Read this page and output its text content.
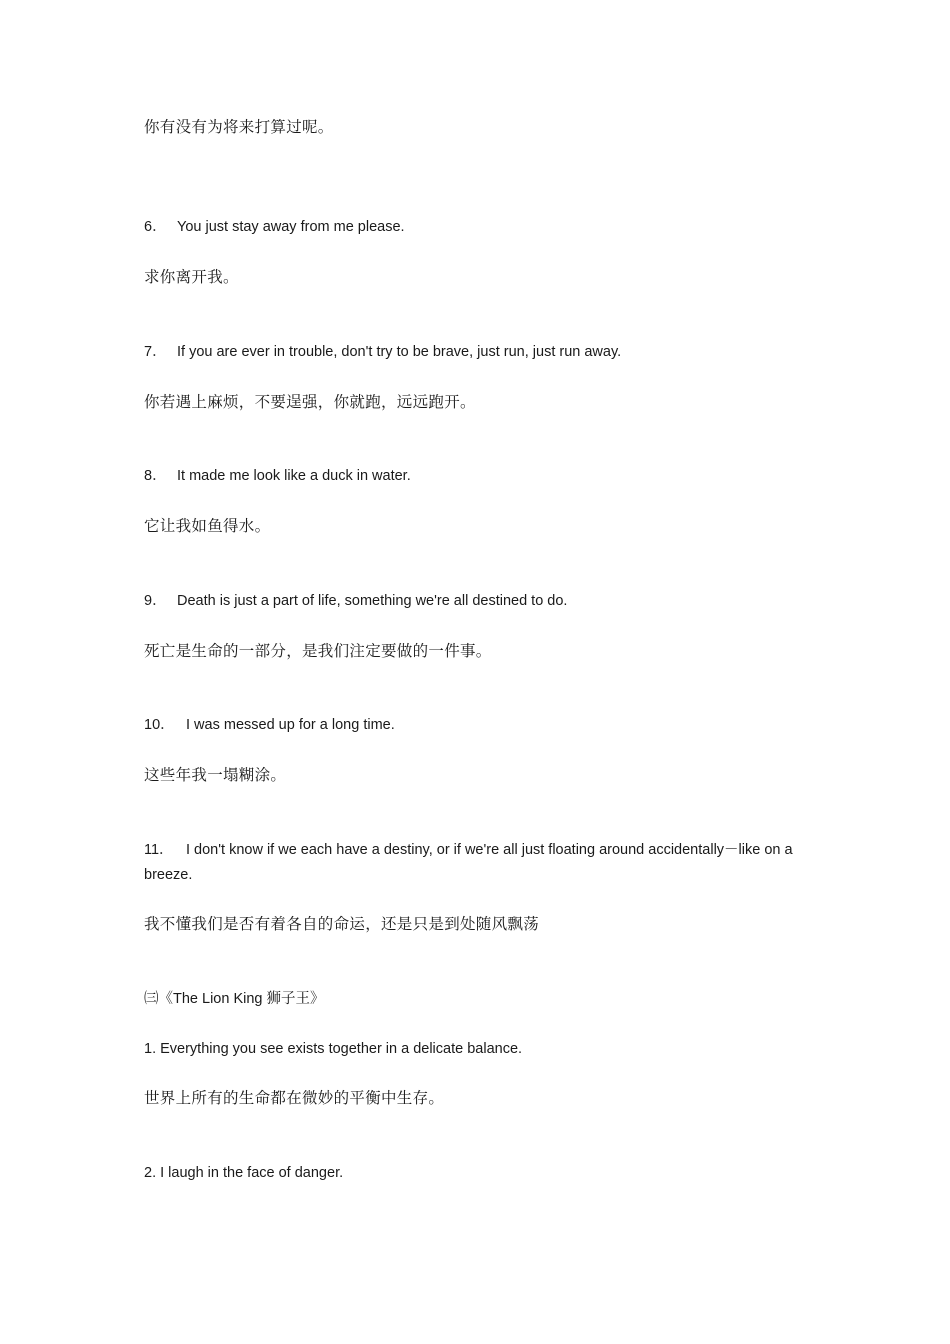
你有没有为将来打算过呢。
6． You just stay away from me please.
求你离开我。
7． If you are ever in trouble, don't try to be brave, just run, just run away.
你若遇上麻烦，不要逞强，你就跑，远远跑开。
8． It made me look like a duck in water.
它让我如鱼得水。
9． Death is just a part of life, something we're all destined to do.
死亡是生命的一部分，是我们注定要做的一件事。
10． I was messed up for a long time.
这些年我一塌糊涂。
11． I don't know if we each have a destiny, or if we're all just floating around accidentally－like on a breeze.
我不懂我们是否有着各自的命运，还是只是到处随风飘荡
㈢《The Lion King 狮子王》
1. Everything you see exists together in a delicate balance.
世界上所有的生命都在微妙的平衡中生存。
2. I laugh in the face of danger.
